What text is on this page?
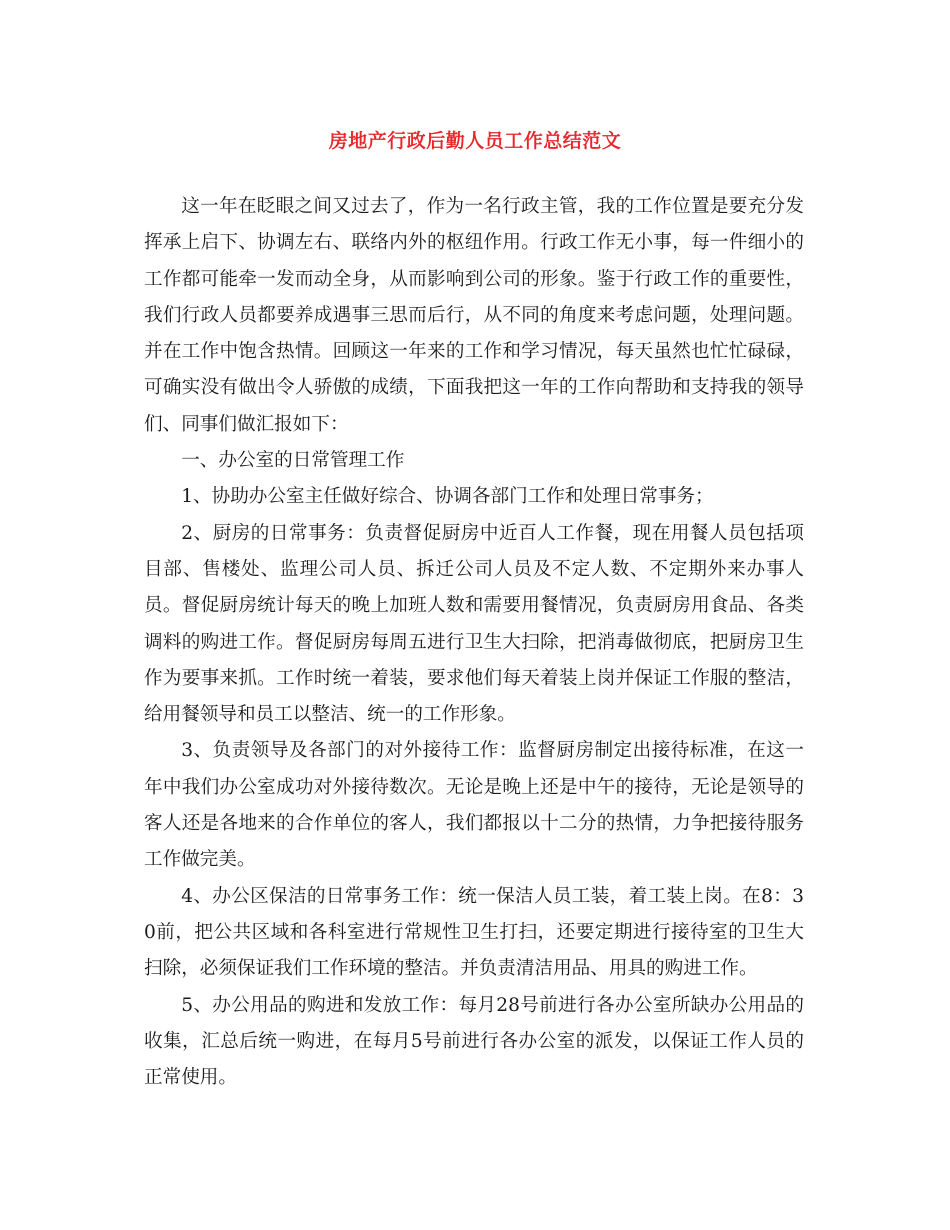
房地产行政后勤人员工作总结范文

这一年在眨眼之间又过去了，作为一名行政主管，我的工作位置是要充分发挥承上启下、协调左右、联络内外的枢纽作用。行政工作无小事，每一件细小的工作都可能牵一发而动全身，从而影响到公司的形象。鉴于行政工作的重要性，我们行政人员都要养成遇事三思而后行，从不同的角度来考虑问题，处理问题。并在工作中饱含热情。回顾这一年来的工作和学习情况，每天虽然也忙忙碌碌，可确实没有做出令人骄傲的成绩，下面我把这一年的工作向帮助和支持我的领导们、同事们做汇报如下：

一、办公室的日常管理工作

1、协助办公室主任做好综合、协调各部门工作和处理日常事务；

2、厨房的日常事务：负责督促厨房中近百人工作餐，现在用餐人员包括项目部、售楼处、监理公司人员、拆迁公司人员及不定人数、不定期外来办事人员。督促厨房统计每天的晚上加班人数和需要用餐情况，负责厨房用食品、各类调料的购进工作。督促厨房每周五进行卫生大扫除，把消毒做彻底，把厨房卫生作为要事来抓。工作时统一着装，要求他们每天着装上岗并保证工作服的整洁，给用餐领导和员工以整洁、统一的工作形象。

3、负责领导及各部门的对外接待工作：监督厨房制定出接待标准，在这一年中我们办公室成功对外接待数次。无论是晚上还是中午的接待，无论是领导的客人还是各地来的合作单位的客人，我们都报以十二分的热情，力争把接待服务工作做完美。

4、办公区保洁的日常事务工作：统一保洁人员工装，着工装上岗。在8：30前，把公共区域和各科室进行常规性卫生打扫，还要定期进行接待室的卫生大扫除，必须保证我们工作环境的整洁。并负责清洁用品、用具的购进工作。

5、办公用品的购进和发放工作：每月28号前进行各办公室所缺办公用品的收集，汇总后统一购进，在每月5号前进行各办公室的派发，以保证工作人员的正常使用。
